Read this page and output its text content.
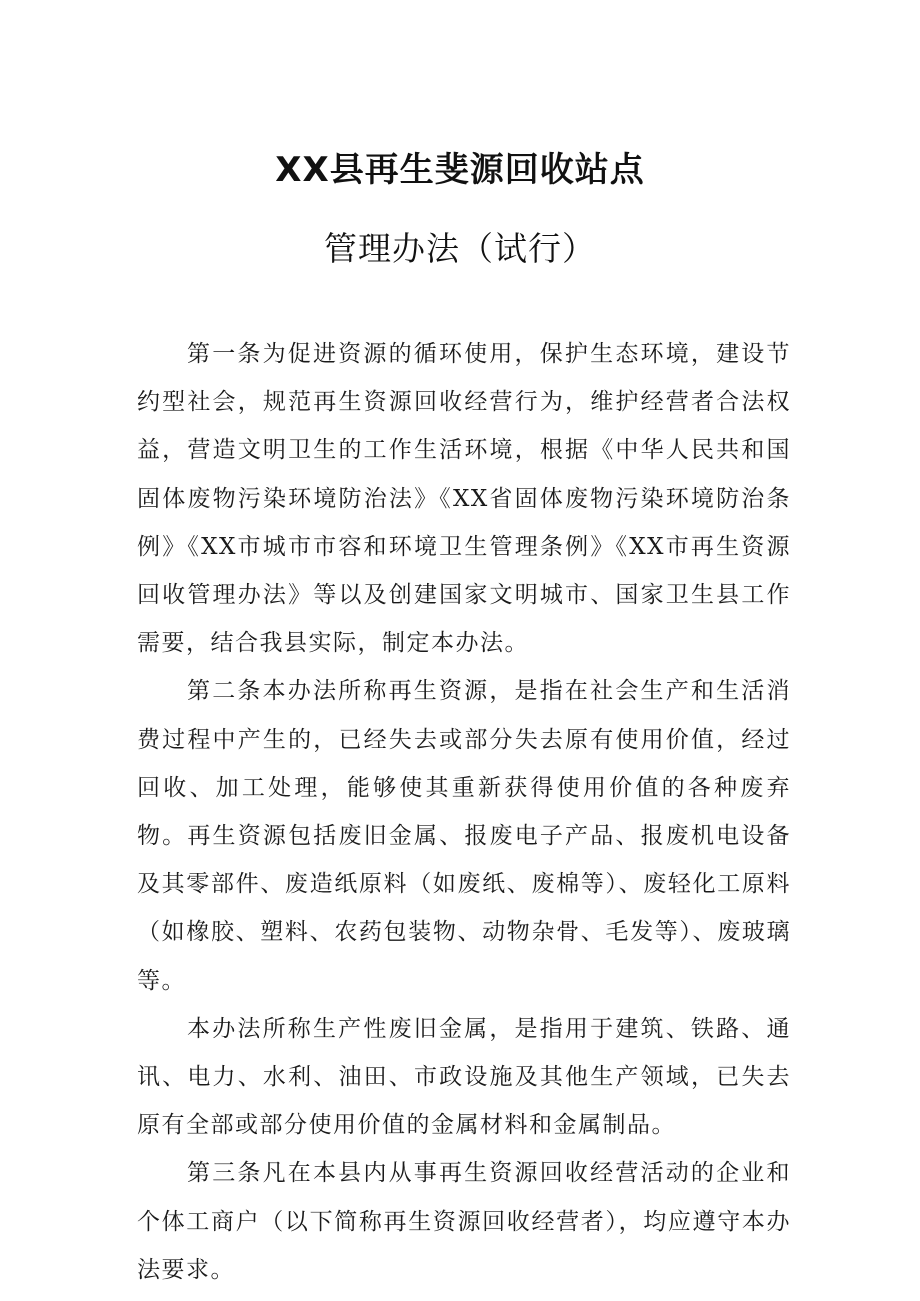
XX县再生斐源回收站点
管理办法（试行）

第一条为促进资源的循环使用，保护生态环境，建设节约型社会，规范再生资源回收经营行为，维护经营者合法权益，营造文明卫生的工作生活环境，根据《中华人民共和国固体废物污染环境防治法》《XX省固体废物污染环境防治条例》《XX市城市市容和环境卫生管理条例》《XX市再生资源回收管理办法》等以及创建国家文明城市、国家卫生县工作需要，结合我县实际，制定本办法。

第二条本办法所称再生资源，是指在社会生产和生活消费过程中产生的，已经失去或部分失去原有使用价值，经过回收、加工处理，能够使其重新获得使用价值的各种废弃物。再生资源包括废旧金属、报废电子产品、报废机电设备及其零部件、废造纸原料（如废纸、废棉等）、废轻化工原料（如橡胶、塑料、农药包装物、动物杂骨、毛发等）、废玻璃等。

本办法所称生产性废旧金属，是指用于建筑、铁路、通讯、电力、水利、油田、市政设施及其他生产领域，已失去原有全部或部分使用价值的金属材料和金属制品。

第三条凡在本县内从事再生资源回收经营活动的企业和个体工商户（以下简称再生资源回收经营者），均应遵守本办法要求。
